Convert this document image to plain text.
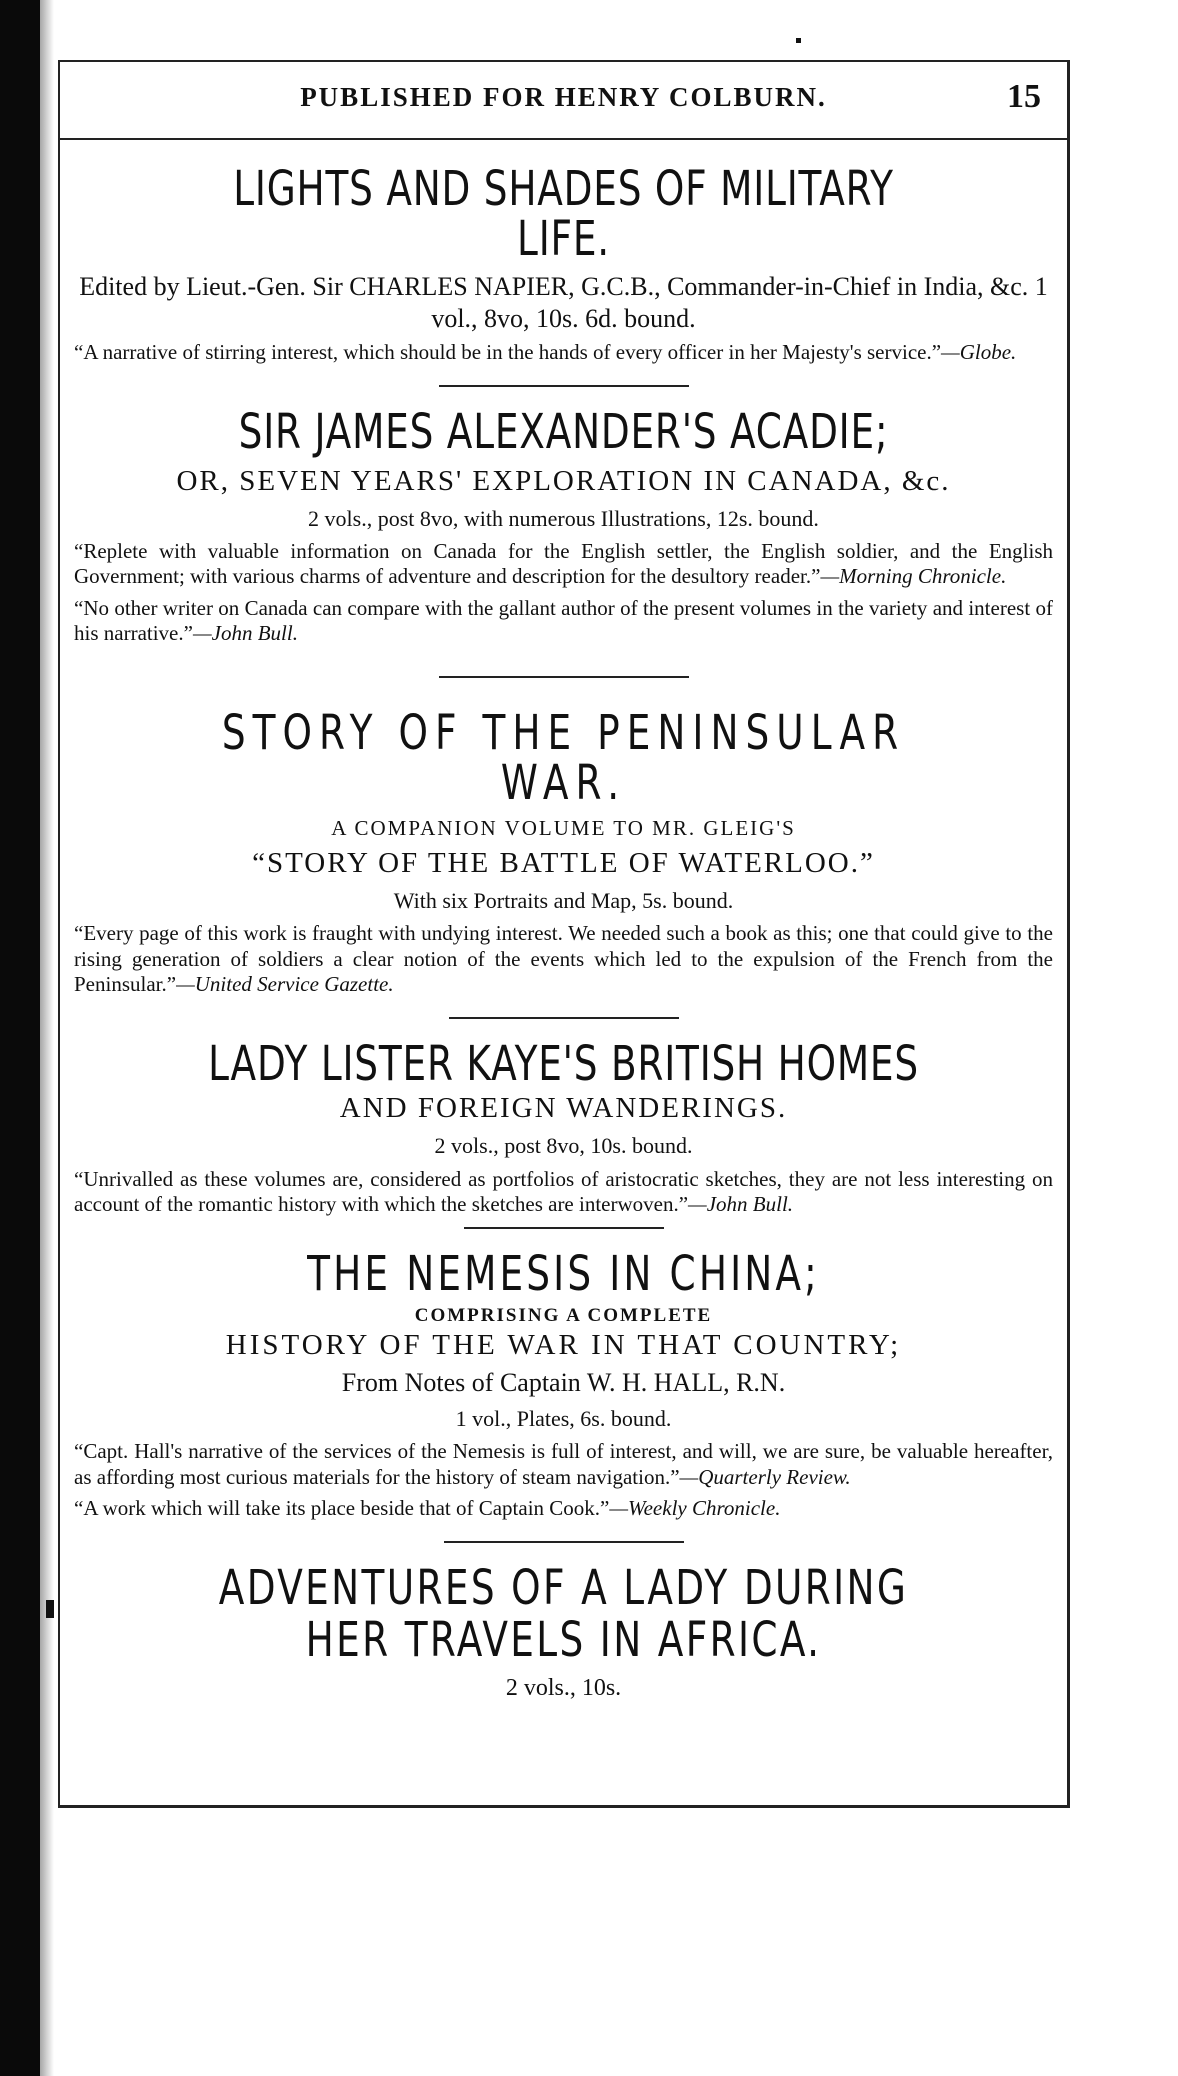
PUBLISHED FOR HENRY COLBURN.	15
LIGHTS AND SHADES OF MILITARY LIFE.
Edited by Lieut.-Gen. Sir CHARLES NAPIER, G.C.B., Commander-in-Chief in India, &c. 1 vol., 8vo, 10s. 6d. bound.

“A narrative of stirring interest, which should be in the hands of every officer in her Majesty's service.”—Globe.

SIR JAMES ALEXANDER'S ACADIE;
OR, SEVEN YEARS' EXPLORATION IN CANADA, &c.
2 vols., post 8vo, with numerous Illustrations, 12s. bound.

“Replete with valuable information on Canada for the English settler, the English soldier, and the English Government; with various charms of adventure and description for the desultory reader.”—Morning Chronicle.

“No other writer on Canada can compare with the gallant author of the present volumes in the variety and interest of his narrative.”—John Bull.

STORY OF THE PENINSULAR WAR.
A COMPANION VOLUME TO MR. GLEIG'S
“STORY OF THE BATTLE OF WATERLOO.”
With six Portraits and Map, 5s. bound.

“Every page of this work is fraught with undying interest. We needed such a book as this; one that could give to the rising generation of soldiers a clear notion of the events which led to the expulsion of the French from the Peninsular.”—United Service Gazette.

LADY LISTER KAYE'S BRITISH HOMES
AND FOREIGN WANDERINGS.
2 vols., post 8vo, 10s. bound.

“Unrivalled as these volumes are, considered as portfolios of aristocratic sketches, they are not less interesting on account of the romantic history with which the sketches are interwoven.”—John Bull.

THE NEMESIS IN CHINA;
COMPRISING A COMPLETE
HISTORY OF THE WAR IN THAT COUNTRY;
From Notes of Captain W. H. HALL, R.N.
1 vol., Plates, 6s. bound.

“Capt. Hall's narrative of the services of the Nemesis is full of interest, and will, we are sure, be valuable hereafter, as affording most curious materials for the history of steam navigation.”—Quarterly Review.

“A work which will take its place beside that of Captain Cook.”—Weekly Chronicle.

ADVENTURES OF A LADY DURING HER TRAVELS IN AFRICA.
2 vols., 10s.
